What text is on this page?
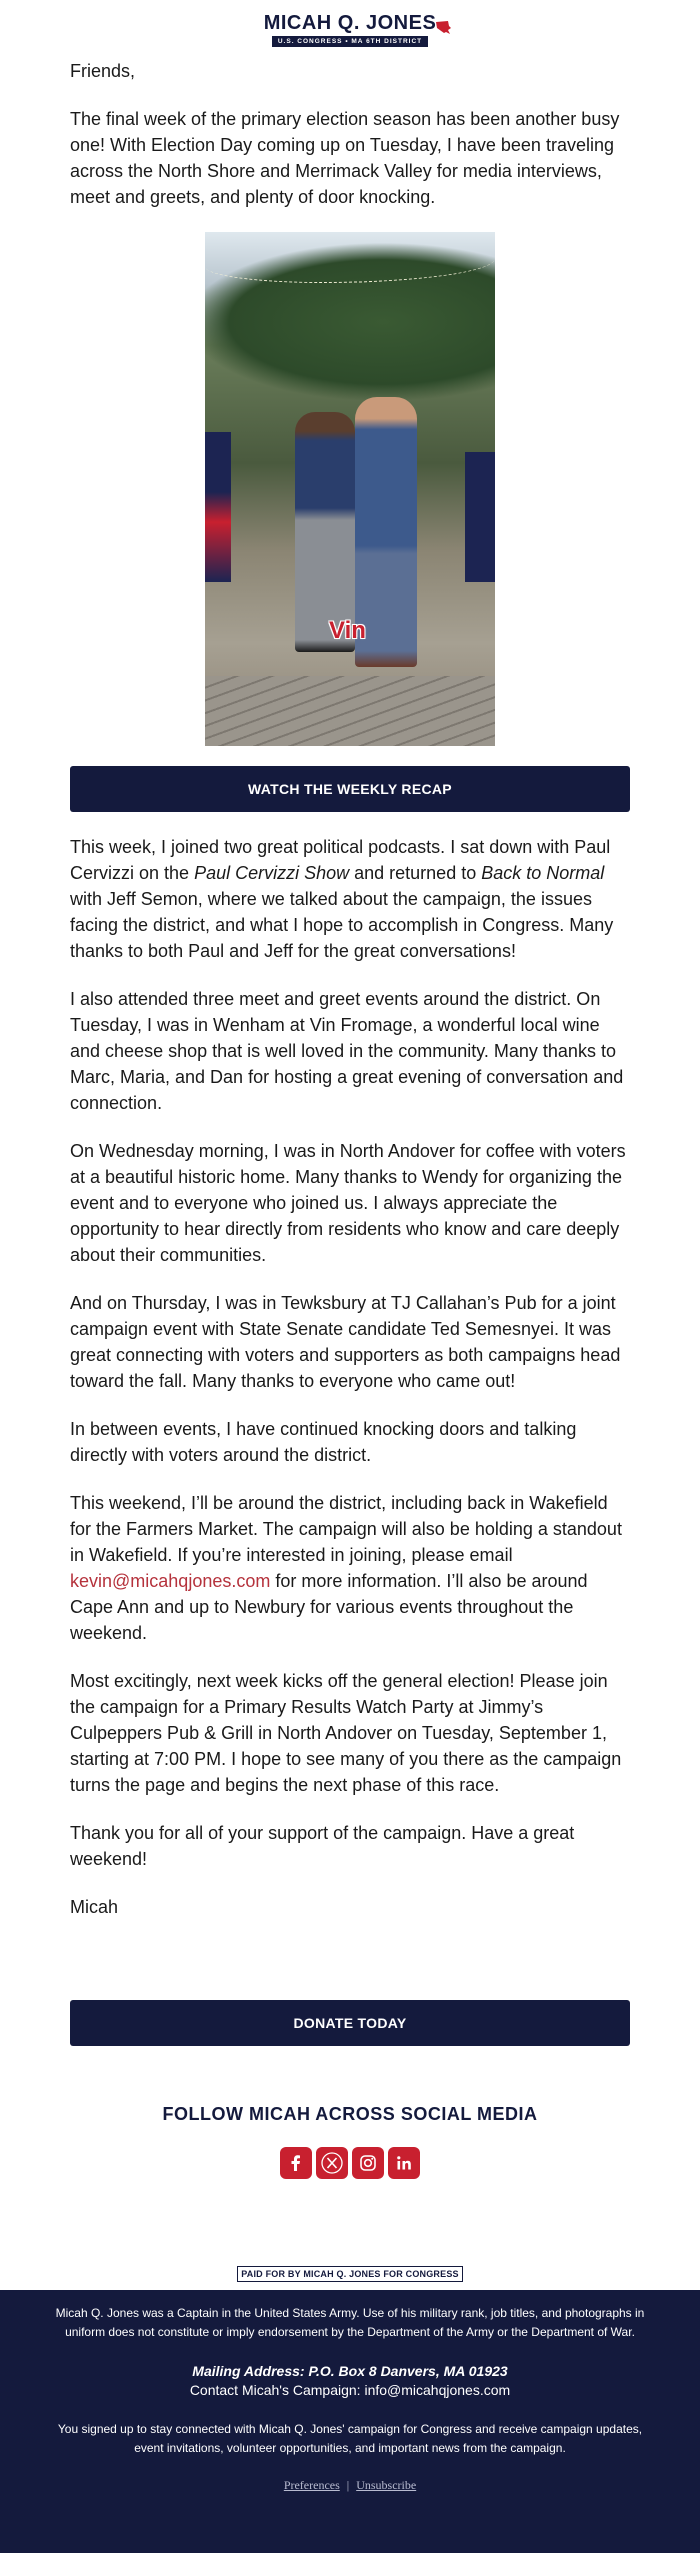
MICAH Q. JONES
U.S. CONGRESS • MA 6TH DISTRICT

Friends,

The final week of the primary election season has been another busy one! With Election Day coming up on Tuesday, I have been traveling across the North Shore and Merrimack Valley for media interviews, meet and greets, and plenty of door knocking.

Vin
WATCH THE WEEKLY RECAP

This week, I joined two great political podcasts. I sat down with Paul Cervizzi on the Paul Cervizzi Show and returned to Back to Normal with Jeff Semon, where we talked about the campaign, the issues facing the district, and what I hope to accomplish in Congress. Many thanks to both Paul and Jeff for the great conversations!

I also attended three meet and greet events around the district. On Tuesday, I was in Wenham at Vin Fromage, a wonderful local wine and cheese shop that is well loved in the community. Many thanks to Marc, Maria, and Dan for hosting a great evening of conversation and connection.

On Wednesday morning, I was in North Andover for coffee with voters at a beautiful historic home. Many thanks to Wendy for organizing the event and to everyone who joined us. I always appreciate the opportunity to hear directly from residents who know and care deeply about their communities.

And on Thursday, I was in Tewksbury at TJ Callahan’s Pub for a joint campaign event with State Senate candidate Ted Semesnyei. It was great connecting with voters and supporters as both campaigns head toward the fall. Many thanks to everyone who came out!

In between events, I have continued knocking doors and talking directly with voters around the district.

This weekend, I’ll be around the district, including back in Wakefield for the Farmers Market. The campaign will also be holding a standout in Wakefield. If you’re interested in joining, please email kevin@micahqjones.com for more information. I’ll also be around Cape Ann and up to Newbury for various events throughout the weekend.

Most excitingly, next week kicks off the general election! Please join the campaign for a Primary Results Watch Party at Jimmy’s Culpeppers Pub & Grill in North Andover on Tuesday, September 1, starting at 7:00 PM. I hope to see many of you there as the campaign turns the page and begins the next phase of this race.

Thank you for all of your support of the campaign. Have a great weekend!

Micah

DONATE TODAY
FOLLOW MICAH ACROSS SOCIAL MEDIA
PAID FOR BY MICAH Q. JONES FOR CONGRESS
Micah Q. Jones was a Captain in the United States Army. Use of his military rank, job titles, and photographs in uniform does not constitute or imply endorsement by the Department of the Army or the Department of War.
Mailing Address: P.O. Box 8 Danvers, MA 01923
Contact Micah's Campaign: info@micahqjones.com
You signed up to stay connected with Micah Q. Jones' campaign for Congress and receive campaign updates, event invitations, volunteer opportunities, and important news from the campaign.
Preferences | Unsubscribe
